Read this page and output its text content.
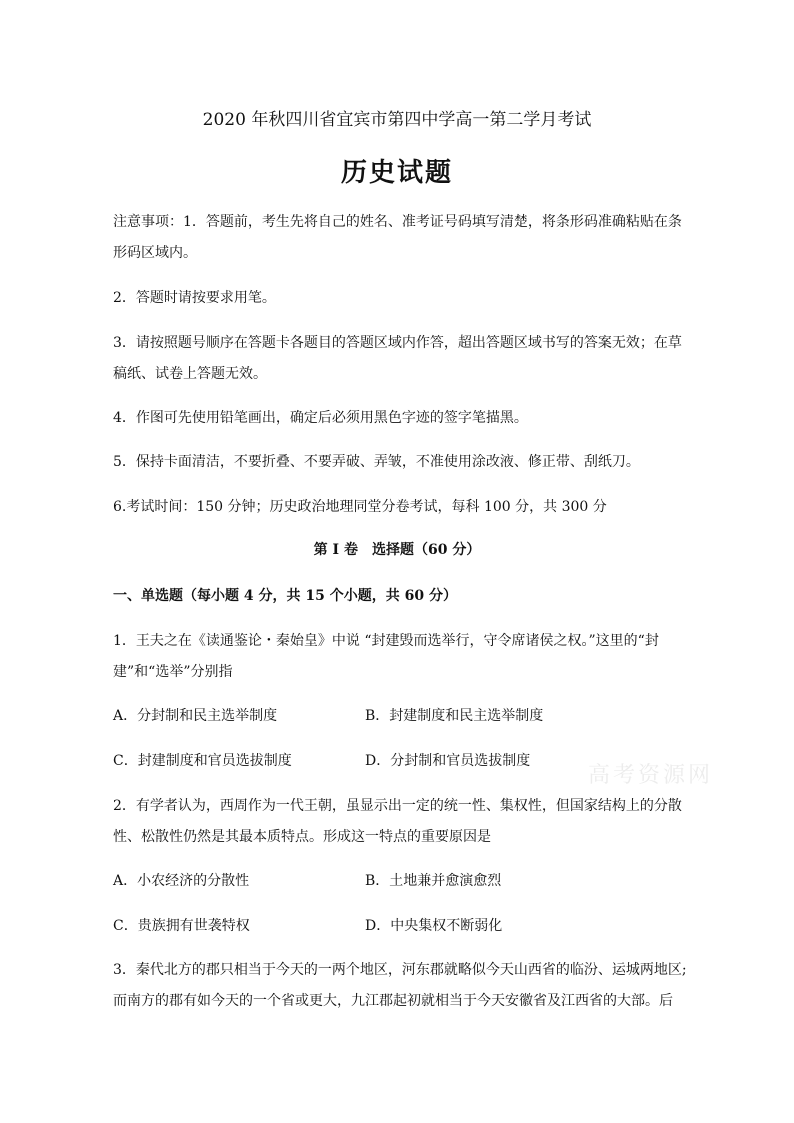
2020 年秋四川省宜宾市第四中学高一第二学月考试
历史试题
注意事项：1．答题前，考生先将自己的姓名、准考证号码填写清楚，将条形码准确粘贴在条
形码区域内。
2．答题时请按要求用笔。
3．请按照题号顺序在答题卡各题目的答题区域内作答，超出答题区域书写的答案无效；在草
稿纸、试卷上答题无效。
4．作图可先使用铅笔画出，确定后必须用黑色字迹的签字笔描黑。
5．保持卡面清洁，不要折叠、不要弄破、弄皱，不准使用涂改液、修正带、刮纸刀。
6.考试时间：150 分钟；历史政治地理同堂分卷考试，每科 100 分，共 300 分
第 I 卷　选择题（60 分）
一、单选题（每小题 4 分，共 15 个小题，共 60 分）
1．王夫之在《读通鉴论・秦始皇》中说 “封建毁而选举行，守令席诸侯之权。”这里的“封
建”和“选举”分别指
A．分封制和民主选举制度	B．封建制度和民主选举制度
C．封建制度和官员选拔制度	D．分封制和官员选拔制度
高考资源网
2．有学者认为，西周作为一代王朝，虽显示出一定的统一性、集权性，但国家结构上的分散
性、松散性仍然是其最本质特点。形成这一特点的重要原因是
A．小农经济的分散性	B．土地兼并愈演愈烈
C．贵族拥有世袭特权	D．中央集权不断弱化
3．秦代北方的郡只相当于今天的一两个地区，河东郡就略似今天山西省的临汾、运城两地区;
而南方的郡有如今天的一个省或更大，九江郡起初就相当于今天安徽省及江西省的大部。后
